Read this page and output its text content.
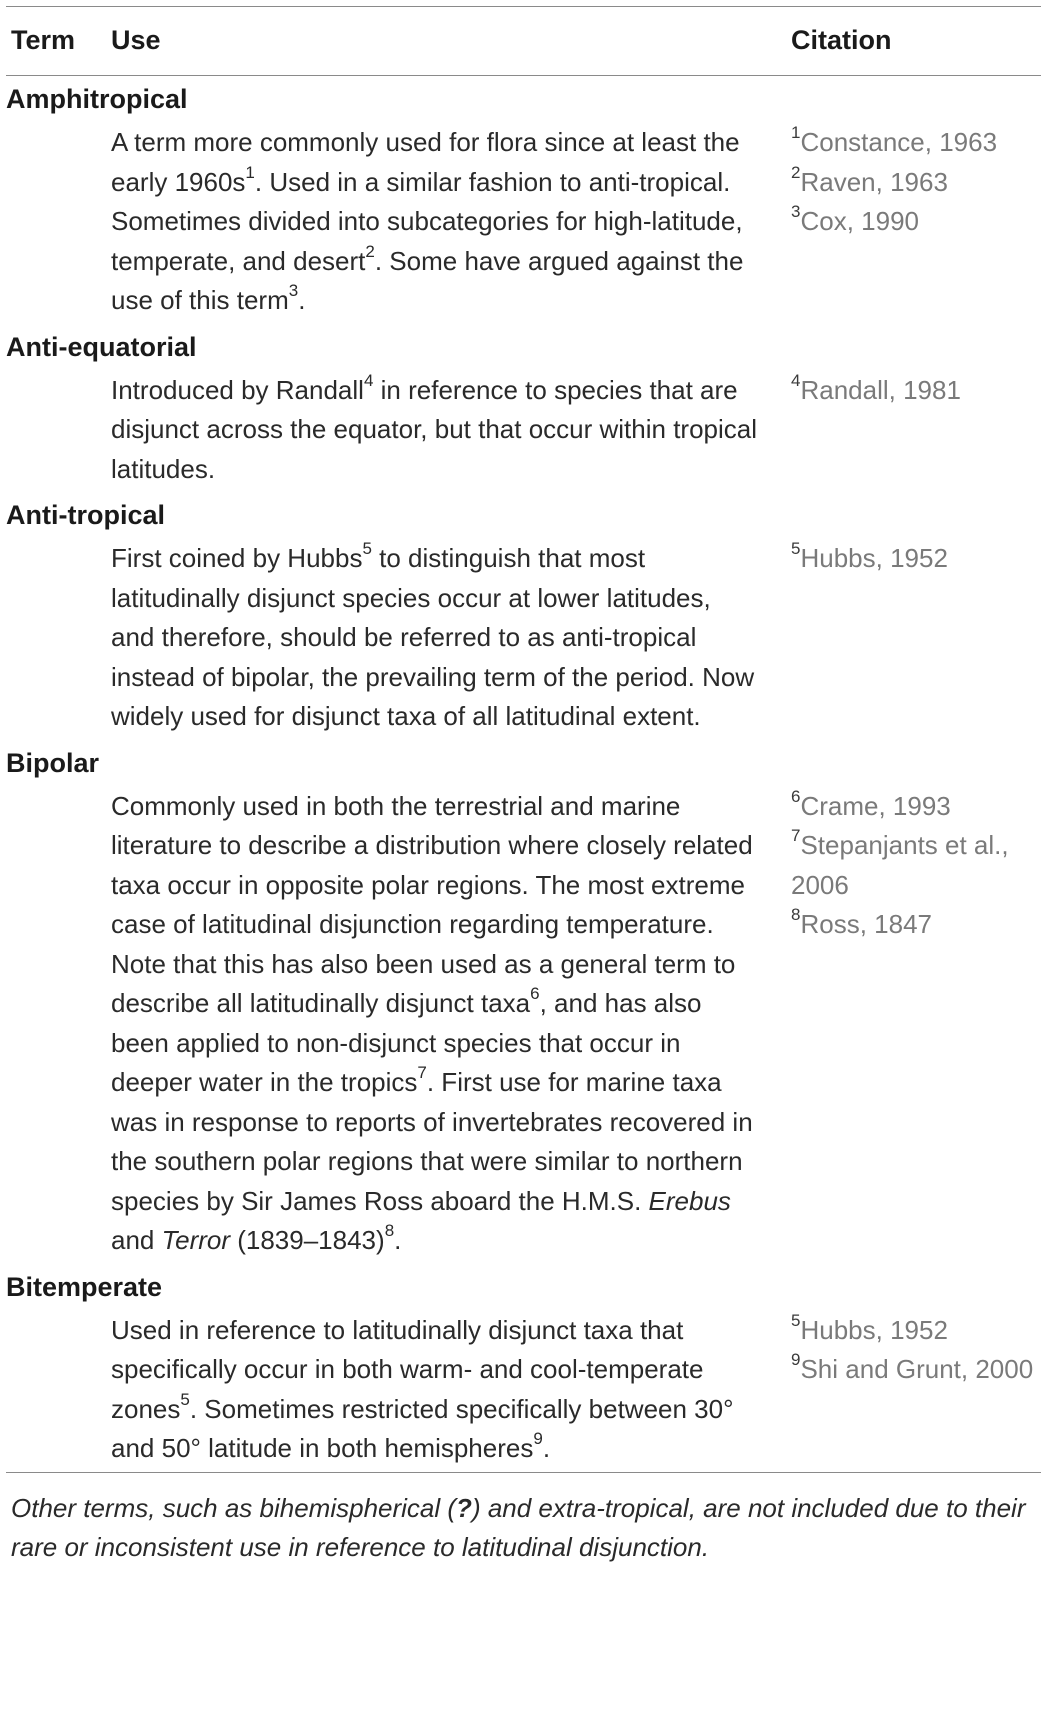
Term Use	Citation
Amphitropical
A term more commonly used for flora since at least the early $1960s^1$. Used in a similar fashion to anti-tropical. Sometimes divided into subcategories for high-latitude, temperate, and desert$^2$. Some have argued against the use of this term$^3$.
$^1$Constance, 1963
$^2$Raven, 1963
$^3$Cox, 1990
Anti-equatorial
Introduced by Randall$^4$ in reference to species that are disjunct across the equator, but that occur within tropical latitudes.
$^4$Randall, 1981
Anti-tropical
First coined by Hubbs$^5$ to distinguish that most latitudinally disjunct species occur at lower latitudes, and therefore, should be referred to as anti-tropical instead of bipolar, the prevailing term of the period. Now widely used for disjunct taxa of all latitudinal extent.
$^5$Hubbs, 1952
Bipolar
Commonly used in both the terrestrial and marine literature to describe a distribution where closely related taxa occur in opposite polar regions. The most extreme case of latitudinal disjunction regarding temperature. Note that this has also been used as a general term to describe all latitudinally disjunct taxa$^6$, and has also been applied to non-disjunct species that occur in deeper water in the tropics$^7$. First use for marine taxa was in response to reports of invertebrates recovered in the southern polar regions that were similar to northern species by Sir James Ross aboard the H.M.S. Erebus and Terror (1839–1843)$^8$.
$^6$Crame, 1993
$^7$Stepanjants et al., 2006
$^8$Ross, 1847
Bitemperate
Used in reference to latitudinally disjunct taxa that specifically occur in both warm- and cool-temperate zones$^5$. Sometimes restricted specifically between 30° and 50° latitude in both hemispheres$^9$.
$^5$Hubbs, 1952
$^9$Shi and Grunt, 2000
Other terms, such as bihemispherical (?) and extra-tropical, are not included due to their rare or inconsistent use in reference to latitudinal disjunction.
